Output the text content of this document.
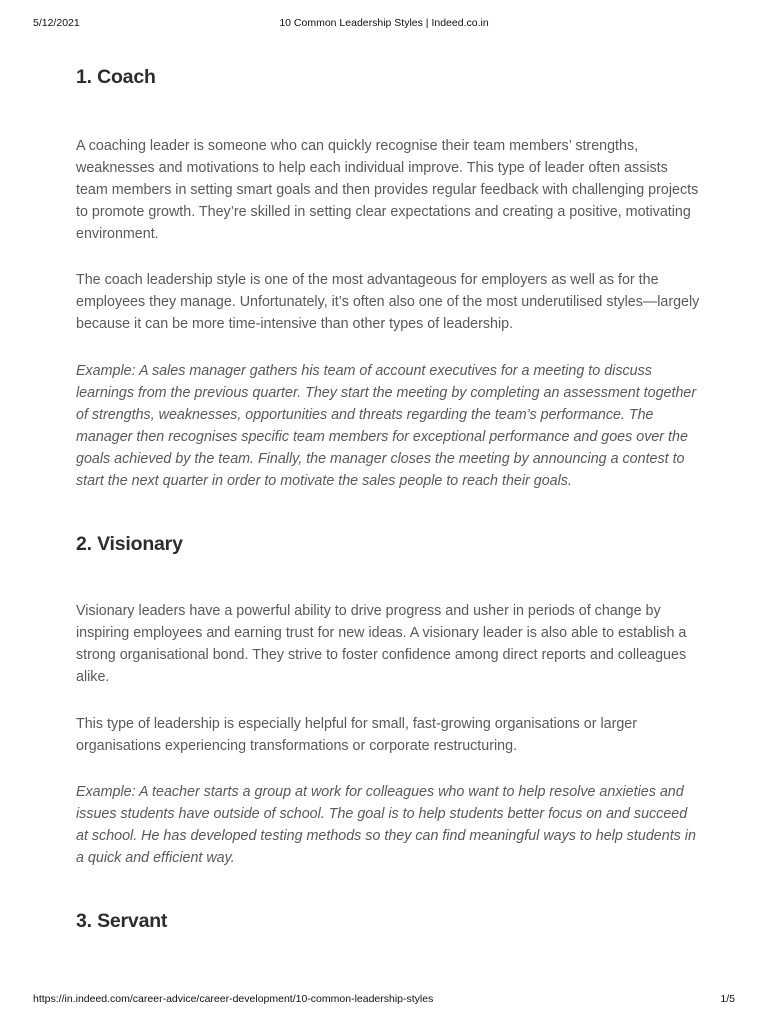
5/12/2021	10 Common Leadership Styles | Indeed.co.in
1. Coach

A coaching leader is someone who can quickly recognise their team members’ strengths, weaknesses and motivations to help each individual improve. This type of leader often assists team members in setting smart goals and then provides regular feedback with challenging projects to promote growth. They’re skilled in setting clear expectations and creating a positive, motivating environment.

The coach leadership style is one of the most advantageous for employers as well as for the employees they manage. Unfortunately, it’s often also one of the most underutilised styles—largely because it can be more time-intensive than other types of leadership.

Example: A sales manager gathers his team of account executives for a meeting to discuss learnings from the previous quarter. They start the meeting by completing an assessment together of strengths, weaknesses, opportunities and threats regarding the team’s performance. The manager then recognises specific team members for exceptional performance and goes over the goals achieved by the team. Finally, the manager closes the meeting by announcing a contest to start the next quarter in order to motivate the sales people to reach their goals.

2. Visionary

Visionary leaders have a powerful ability to drive progress and usher in periods of change by inspiring employees and earning trust for new ideas. A visionary leader is also able to establish a strong organisational bond. They strive to foster confidence among direct reports and colleagues alike.

This type of leadership is especially helpful for small, fast-growing organisations or larger organisations experiencing transformations or corporate restructuring.

Example: A teacher starts a group at work for colleagues who want to help resolve anxieties and issues students have outside of school. The goal is to help students better focus on and succeed at school. He has developed testing methods so they can find meaningful ways to help students in a quick and efficient way.

3. Servant
https://in.indeed.com/career-advice/career-development/10-common-leadership-styles	1/5
